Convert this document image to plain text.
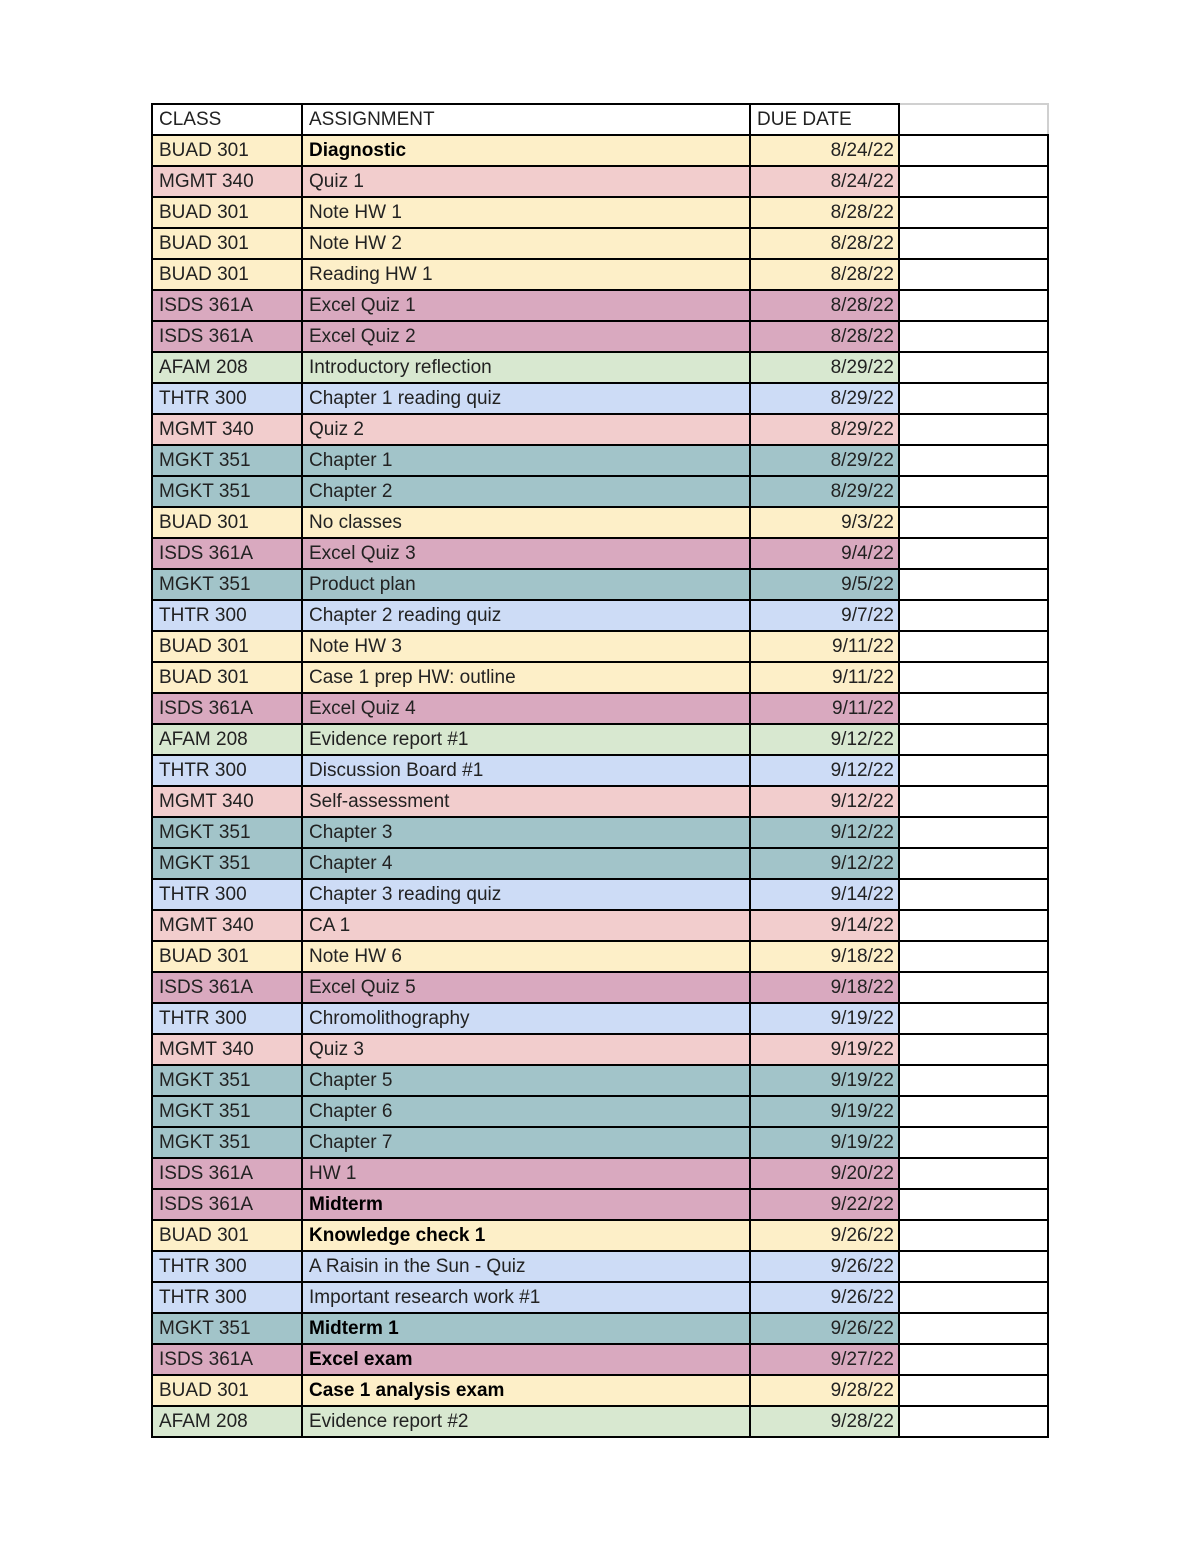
CLASS	ASSIGNMENT	DUE DATE	
BUAD 301	Diagnostic	8/24/22	
MGMT 340	Quiz 1	8/24/22	
BUAD 301	Note HW 1	8/28/22	
BUAD 301	Note HW 2	8/28/22	
BUAD 301	Reading HW 1	8/28/22	
ISDS 361A	Excel Quiz 1	8/28/22	
ISDS 361A	Excel Quiz 2	8/28/22	
AFAM 208	Introductory reflection	8/29/22	
THTR 300	Chapter 1 reading quiz	8/29/22	
MGMT 340	Quiz 2	8/29/22	
MGKT 351	Chapter 1	8/29/22	
MGKT 351	Chapter 2	8/29/22	
BUAD 301	No classes	9/3/22	
ISDS 361A	Excel Quiz 3	9/4/22	
MGKT 351	Product plan	9/5/22	
THTR 300	Chapter 2 reading quiz	9/7/22	
BUAD 301	Note HW 3	9/11/22	
BUAD 301	Case 1 prep HW: outline	9/11/22	
ISDS 361A	Excel Quiz 4	9/11/22	
AFAM 208	Evidence report #1	9/12/22	
THTR 300	Discussion Board #1	9/12/22	
MGMT 340	Self-assessment	9/12/22	
MGKT 351	Chapter 3	9/12/22	
MGKT 351	Chapter 4	9/12/22	
THTR 300	Chapter 3 reading quiz	9/14/22	
MGMT 340	CA 1	9/14/22	
BUAD 301	Note HW 6	9/18/22	
ISDS 361A	Excel Quiz 5	9/18/22	
THTR 300	Chromolithography	9/19/22	
MGMT 340	Quiz 3	9/19/22	
MGKT 351	Chapter 5	9/19/22	
MGKT 351	Chapter 6	9/19/22	
MGKT 351	Chapter 7	9/19/22	
ISDS 361A	HW 1	9/20/22	
ISDS 361A	Midterm	9/22/22	
BUAD 301	Knowledge check 1	9/26/22	
THTR 300	A Raisin in the Sun - Quiz	9/26/22	
THTR 300	Important research work #1	9/26/22	
MGKT 351	Midterm 1	9/26/22	
ISDS 361A	Excel exam	9/27/22	
BUAD 301	Case 1 analysis exam	9/28/22	
AFAM 208	Evidence report #2	9/28/22	
